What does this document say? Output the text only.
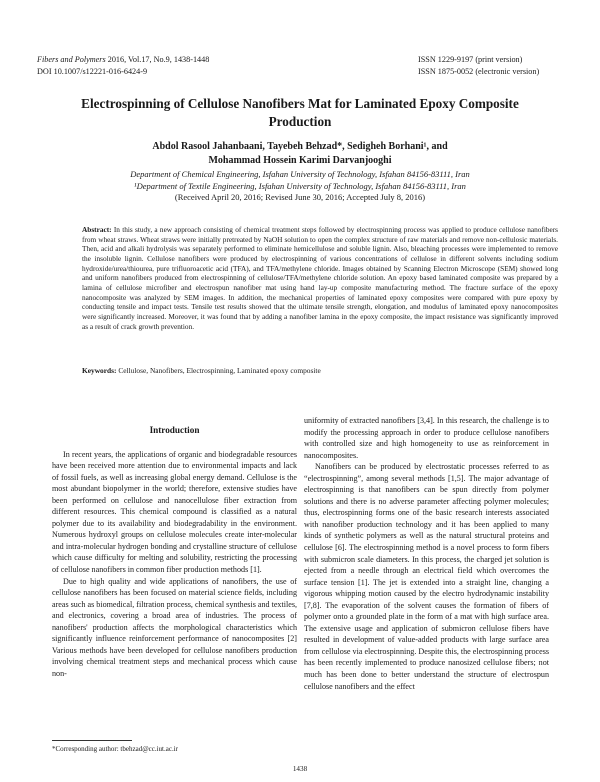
Fibers and Polymers 2016, Vol.17, No.9, 1438-1448
DOI 10.1007/s12221-016-6424-9
ISSN 1229-9197 (print version)
ISSN 1875-0052 (electronic version)
Electrospinning of Cellulose Nanofibers Mat for Laminated Epoxy Composite Production
Abdol Rasool Jahanbaani, Tayebeh Behzad*, Sedigheh Borhani¹, and
Mohammad Hossein Karimi Darvanjooghi
Department of Chemical Engineering, Isfahan University of Technology, Isfahan 84156-83111, Iran
¹Department of Textile Engineering, Isfahan University of Technology, Isfahan 84156-83111, Iran
(Received April 20, 2016; Revised June 30, 2016; Accepted July 8, 2016)
Abstract: In this study, a new approach consisting of chemical treatment steps followed by electrospinning process was applied to produce cellulose nanofibers from wheat straws. Wheat straws were initially pretreated by NaOH solution to open the complex structure of raw materials and remove non-cellulosic materials. Then, acid and alkali hydrolysis was separately performed to eliminate hemicellulose and soluble lignin. Also, bleaching processes were implemented to remove the insoluble lignin. Cellulose nanofibers were produced by electrospinning of various concentrations of cellulose in different solvents including sodium hydroxide/urea/thiourea, pure trifluoroacetic acid (TFA), and TFA/methylene chloride. Images obtained by Scanning Electron Microscope (SEM) showed long and uniform nanofibers produced from electrospinning of cellulose/TFA/methylene chloride solution. An epoxy based laminated composite was prepared by a lamina of cellulose microfiber and electrospun nanofiber mat using hand lay-up composite manufacturing method. The fracture surface of the epoxy nanocomposite was analyzed by SEM images. In addition, the mechanical properties of laminated epoxy composites were compared with pure epoxy by conducting tensile and impact tests. Tensile test results showed that the ultimate tensile strength, elongation, and modulus of laminated epoxy nanocomposites were significantly increased. Moreover, it was found that by adding a nanofiber lamina in the epoxy composite, the impact resistance was significantly improved as a result of crack growth prevention.
Keywords: Cellulose, Nanofibers, Electrospinning, Laminated epoxy composite
Introduction

In recent years, the applications of organic and biodegradable resources have been received more attention due to environmental impacts and lack of fossil fuels, as well as increasing global energy demand. Cellulose is the most abundant biopolymer in the world; therefore, extensive studies have been performed on cellulose and nanocellulose fiber extraction from different resources. This chemical compound is classified as a natural polymer due to its availability and biodegradability in the environment. Numerous hydroxyl groups on cellulose molecules create inter-molecular and intra-molecular hydrogen bonding and crystalline structure of cellulose which cause difficulty for melting and solubility, restricting the processing of cellulose nanofibers in common fiber production methods [1].

Due to high quality and wide applications of nanofibers, the use of cellulose nanofibers has been focused on material science fields, including areas such as biomedical, filtration process, chemical synthesis and textiles, and electronics, covering a broad area of industries. The process of nanofibers' production affects the morphological characteristics which significantly influence reinforcement performance of nanocomposites [2] Various methods have been developed for cellulose nanofibers production involving chemical treatment steps and mechanical process which cause non-

uniformity of extracted nanofibers [3,4]. In this research, the challenge is to modify the processing approach in order to produce cellulose nanofibers with controlled size and high homogeneity to use as reinforcement in nanocomposites.

Nanofibers can be produced by electrostatic processes referred to as “electrospinning”, among several methods [1,5]. The major advantage of electrospinning is that nanofibers can be spun directly from polymer solutions and there is no adverse parameter affecting polymer molecules; thus, electrospinning forms one of the basic research interests associated with nanofiber production technology and it has been applied to many kinds of synthetic polymers as well as the natural structural proteins and cellulose [6]. The electrospinning method is a novel process to form fibers with submicron scale diameters. In this process, the charged jet solution is ejected from a needle through an electrical field which overcomes the surface tension [1]. The jet is extended into a straight line, changing a vigorous whipping motion caused by the electro hydrodynamic instability [7,8]. The evaporation of the solvent causes the formation of fibers of polymer onto a grounded plate in the form of a mat with high surface area. The extensive usage and application of submicron cellulose fibers have resulted in development of value-added products with large surface area from cellulose via electrospinning. Despite this, the electrospinning process has been recently implemented to produce nanosized cellulose fibers; not much has been done to better understand the structure of electrospun cellulose nanofibers and the effect

*Corresponding author: tbehzad@cc.iut.ac.ir
1438
